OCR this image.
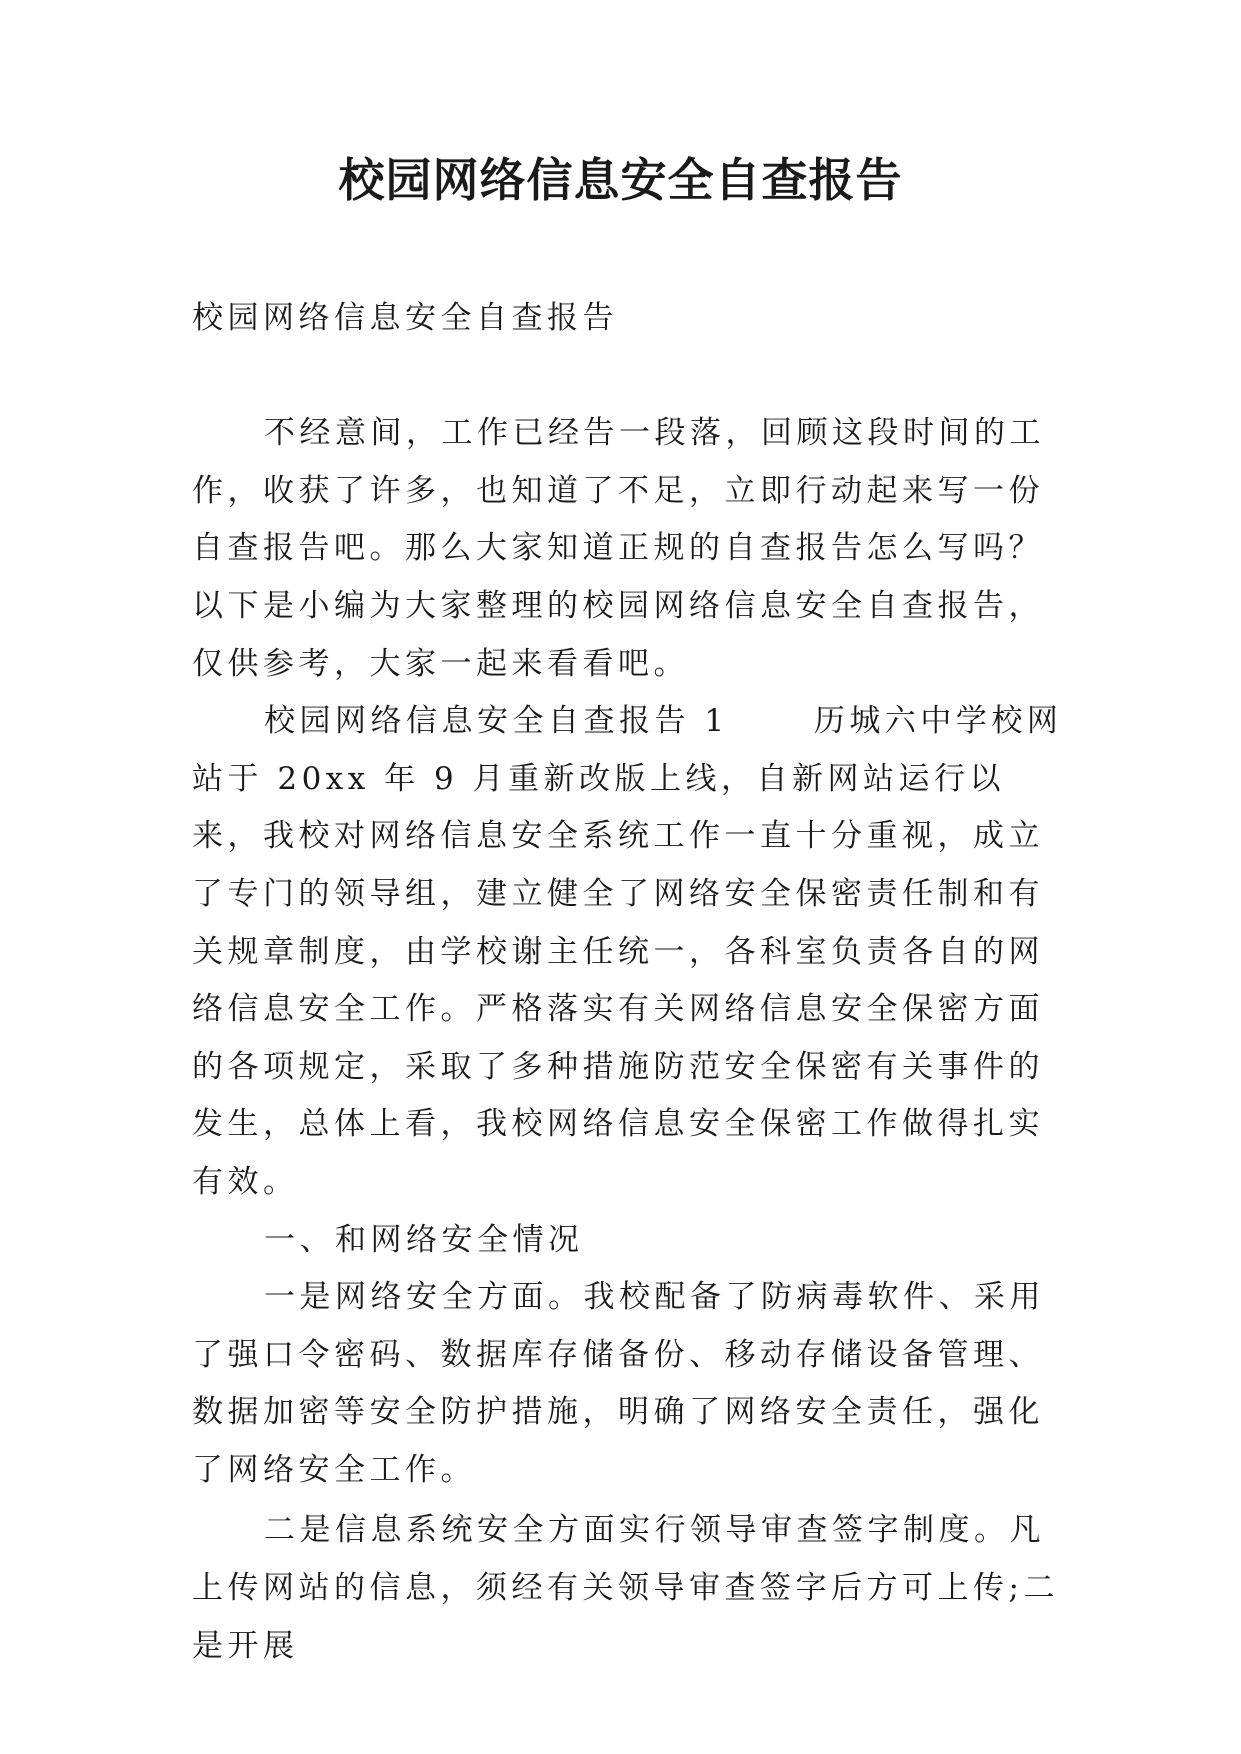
校园网络信息安全自查报告

校园网络信息安全自查报告

不经意间，工作已经告一段落，回顾这段时间的工作，收获了许多，也知道了不足，立即行动起来写一份自查报告吧。那么大家知道正规的自查报告怎么写吗？以下是小编为大家整理的校园网络信息安全自查报告，仅供参考，大家一起来看看吧。

校园网络信息安全自查报告 1 　　历城六中学校网站于 20xx 年 9 月重新改版上线，自新网站运行以来，我校对网络信息安全系统工作一直十分重视，成立了专门的领导组，建立健全了网络安全保密责任制和有关规章制度，由学校谢主任统一，各科室负责各自的网络信息安全工作。严格落实有关网络信息安全保密方面的各项规定，采取了多种措施防范安全保密有关事件的发生，总体上看，我校网络信息安全保密工作做得扎实有效。

一、和网络安全情况

一是网络安全方面。我校配备了防病毒软件、采用了强口令密码、数据库存储备份、移动存储设备管理、数据加密等安全防护措施，明确了网络安全责任，强化了网络安全工作。

二是信息系统安全方面实行领导审查签字制度。凡上传网站的信息，须经有关领导审查签字后方可上传;二是开展
